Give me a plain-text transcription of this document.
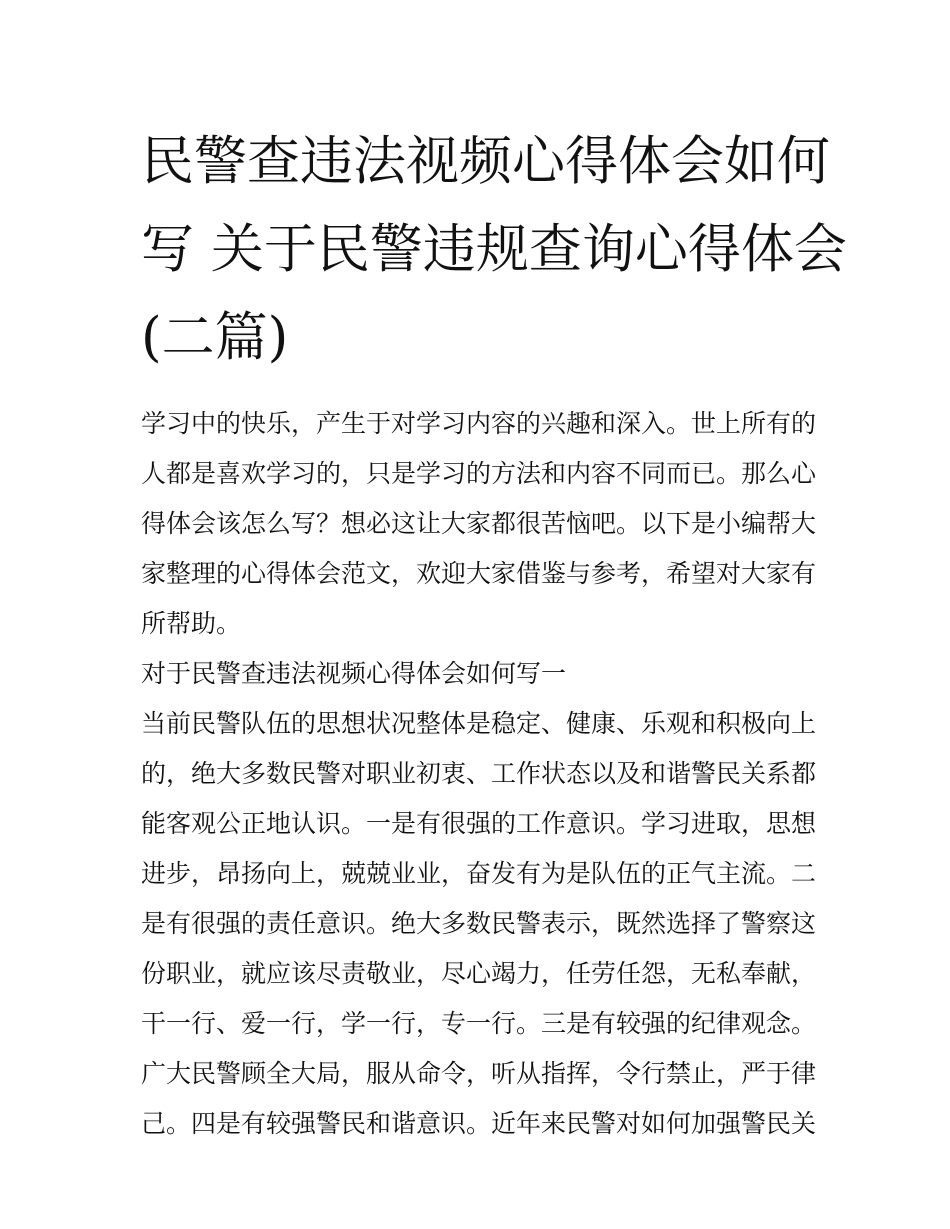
民警查违法视频心得体会如何
写 关于民警违规查询心得体会
(二篇)
学习中的快乐，产生于对学习内容的兴趣和深入。世上所有的
人都是喜欢学习的，只是学习的方法和内容不同而已。那么心
得体会该怎么写？想必这让大家都很苦恼吧。以下是小编帮大
家整理的心得体会范文，欢迎大家借鉴与参考，希望对大家有
所帮助。
对于民警查违法视频心得体会如何写一
当前民警队伍的思想状况整体是稳定、健康、乐观和积极向上
的，绝大多数民警对职业初衷、工作状态以及和谐警民关系都
能客观公正地认识。一是有很强的工作意识。学习进取，思想
进步，昂扬向上，兢兢业业，奋发有为是队伍的正气主流。二
是有很强的责任意识。绝大多数民警表示，既然选择了警察这
份职业，就应该尽责敬业，尽心竭力，任劳任怨，无私奉献，
干一行、爱一行，学一行，专一行。三是有较强的纪律观念。
广大民警顾全大局，服从命令，听从指挥，令行禁止，严于律
己。四是有较强警民和谐意识。近年来民警对如何加强警民关
